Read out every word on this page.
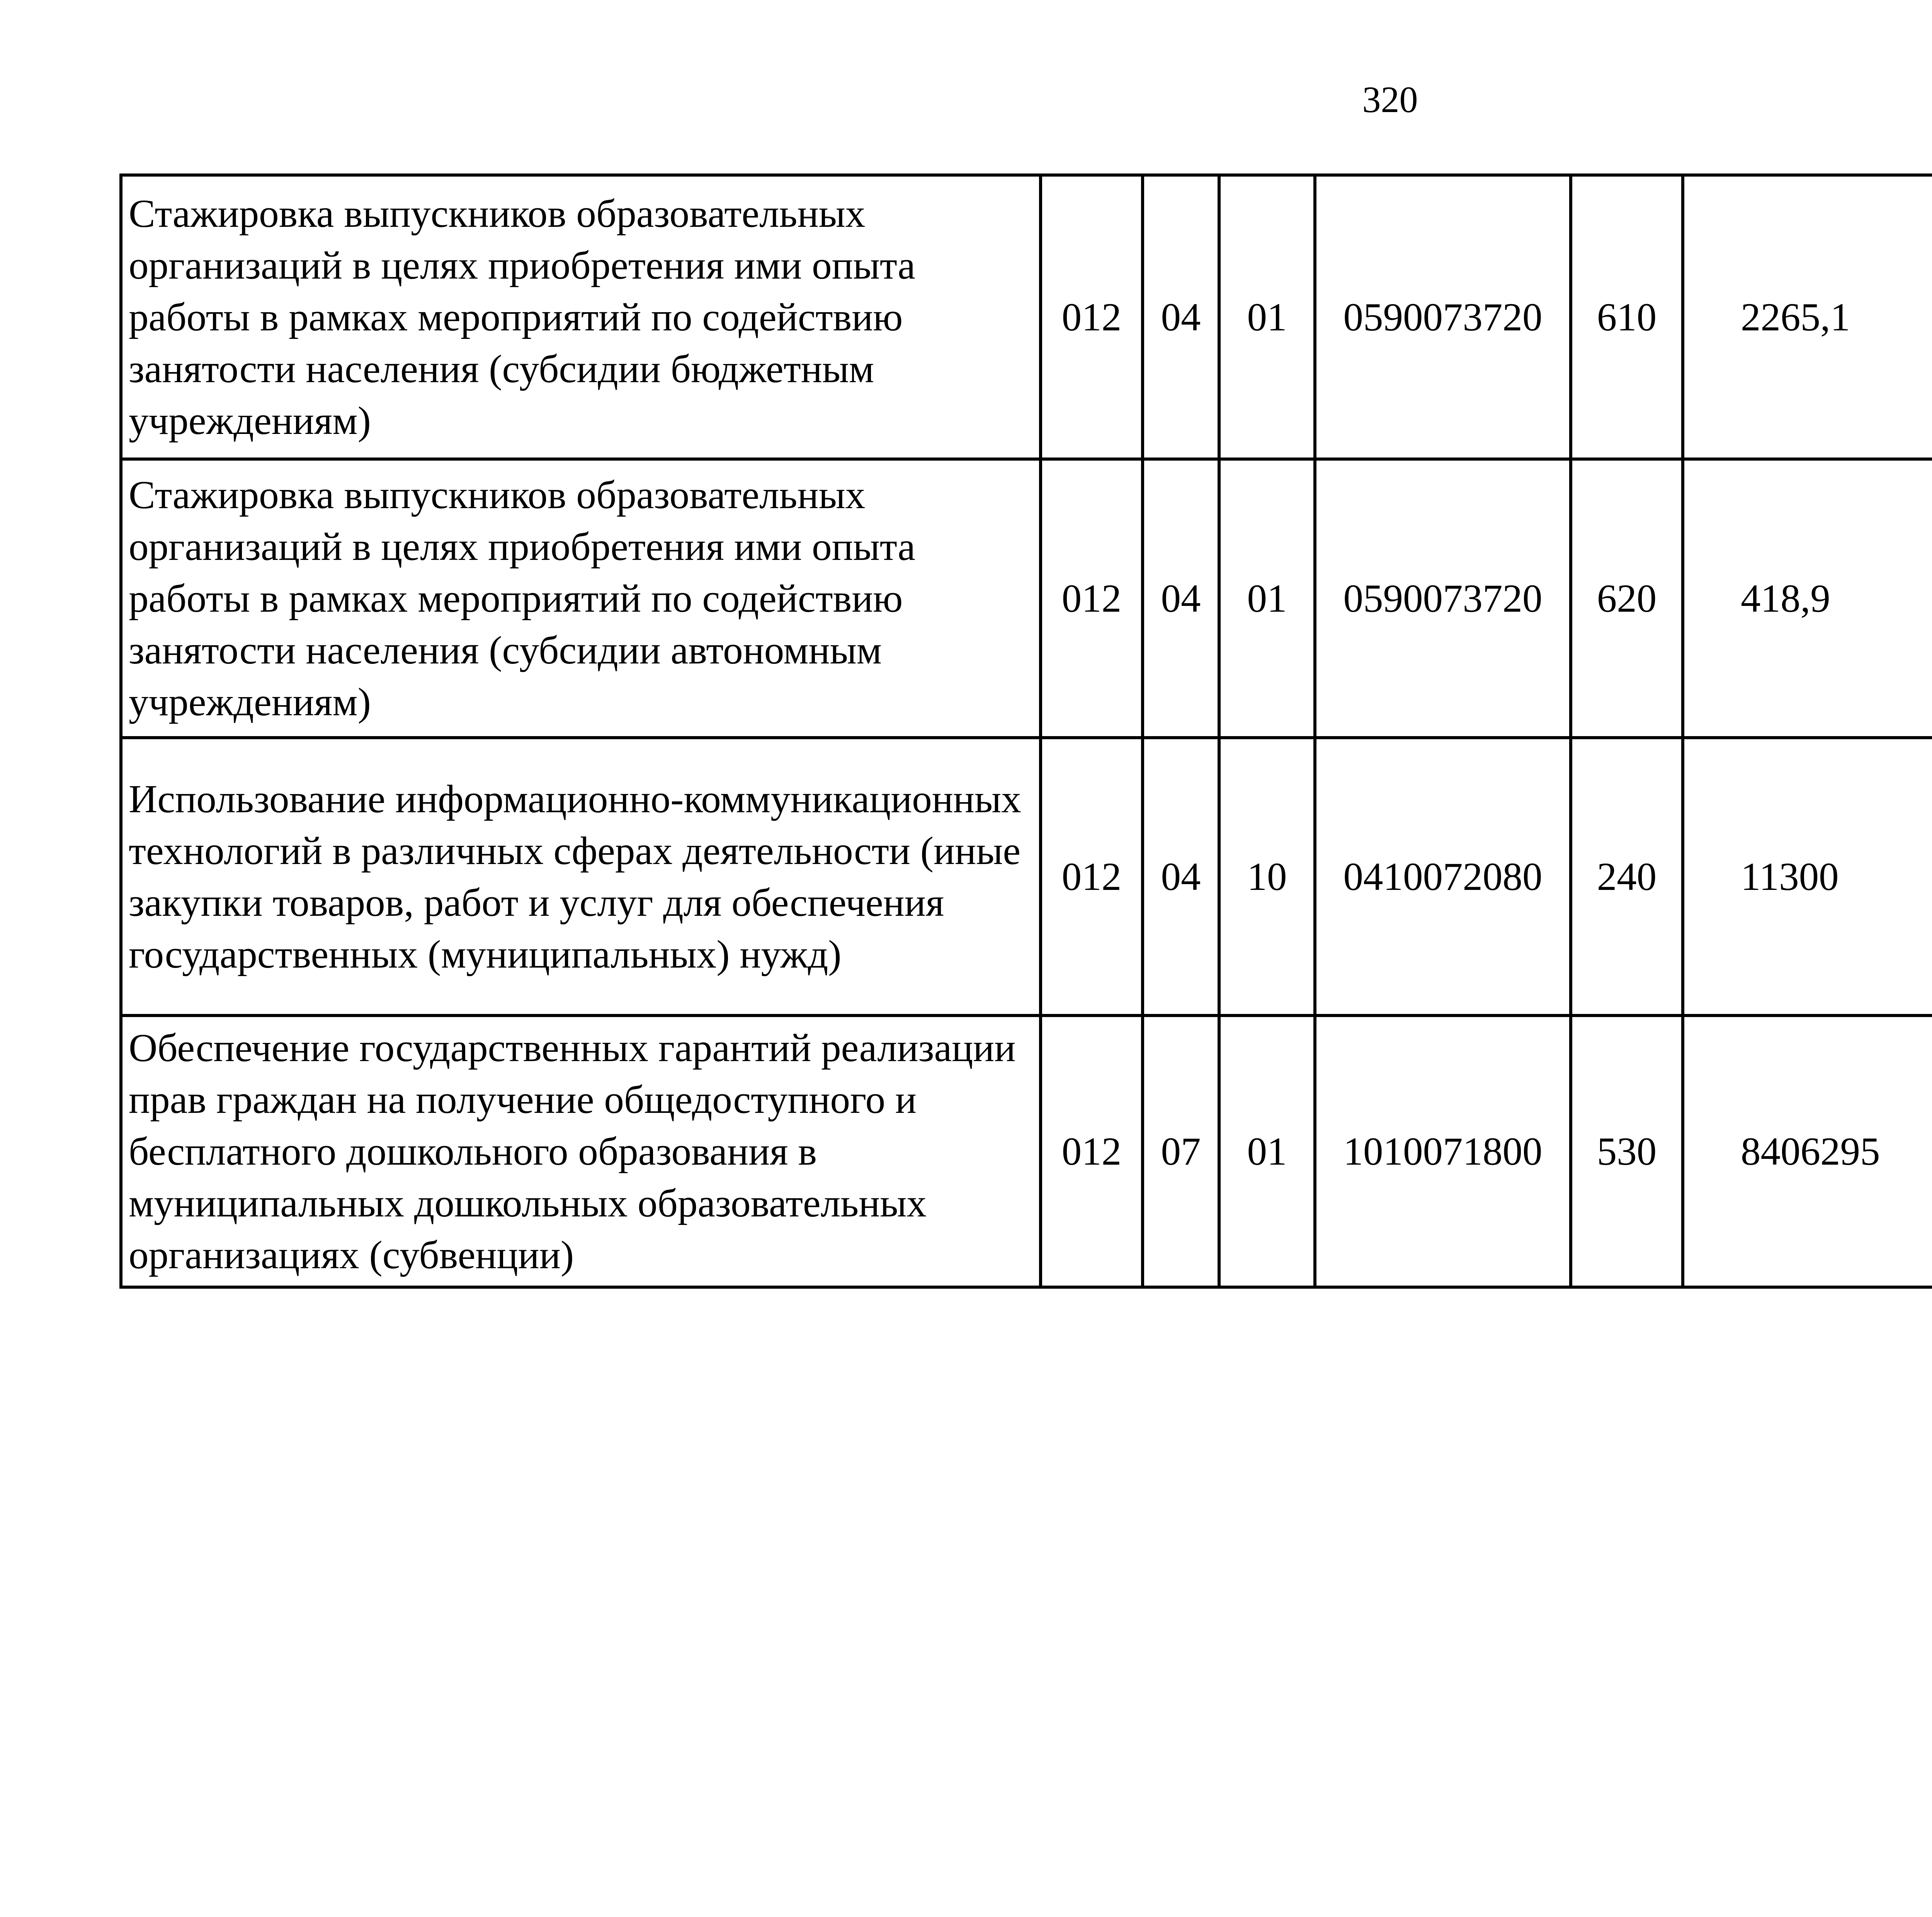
320
Стажировка выпускников образовательных организаций в целях приобретения ими опыта работы в рамках мероприятий по содействию занятости населения (субсидии бюджетным учреждениям)	012	04	01	0590073720	610	2265,1		
Стажировка выпускников образовательных организаций в целях приобретения ими опыта работы в рамках мероприятий по содействию занятости населения (субсидии автономным учреждениям)	012	04	01	0590073720	620	418,9		
Использование информационно-коммуникационных технологий в различных сферах деятельности (иные закупки товаров, работ и услуг для обеспечения государственных (муниципальных) нужд)	012	04	10	0410072080	240	11300		
Обеспечение государственных гарантий реализации прав граждан на получение общедоступного и бесплатного дошкольного образования в муниципальных дошкольных образовательных организациях (субвенции)	012	07	01	1010071800	530	8406295		
